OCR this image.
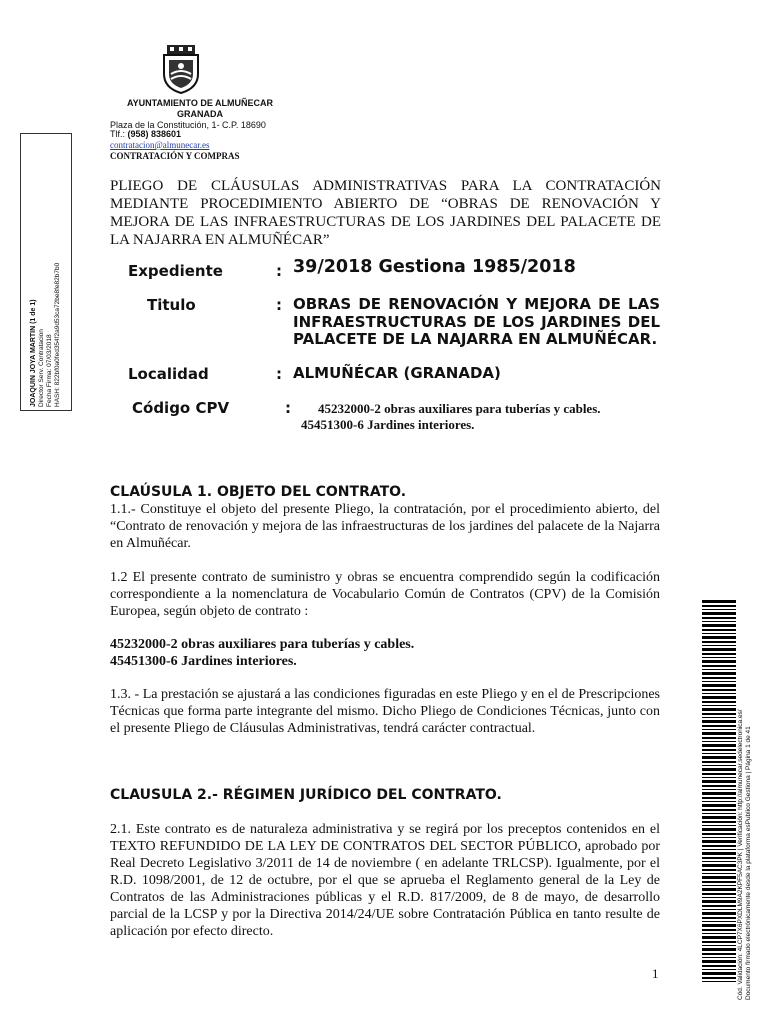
AYUNTAMIENTO DE ALMUÑECAR
GRANADA
Plaza de la Constitución, 1- C.P. 18690
Tlf.: (958) 838601
contratacion@almunecar.es
CONTRATACIÓN Y COMPRAS
JOAQUIN JOYA MARTIN (1 de 1) Director Serv. Contratacion Fecha Firma: 07/03/2018 HASH: 822bf0a0fed354f2a9d53ca72be8fe82b7b0
PLIEGO DE CLÁUSULAS ADMINISTRATIVAS PARA LA CONTRATACIÓN MEDIANTE PROCEDIMIENTO ABIERTO DE “OBRAS DE RENOVACIÓN Y MEJORA DE LAS INFRAESTRUCTURAS DE LOS JARDINES DEL PALACETE DE LA NAJARRA EN ALMUÑÉCAR”
Expediente	: 39/2018 Gestiona 1985/2018
Titulo	: OBRAS DE RENOVACIÓN Y MEJORA DE LAS INFRAESTRUCTURAS DE LOS JARDINES DEL PALACETE DE LA NAJARRA EN ALMUÑÉCAR.
Localidad	: ALMUÑÉCAR (GRANADA)
Código CPV	: 45232000-2 obras auxiliares para tuberías y cables.
45451300-6 Jardines interiores.
CLAÚSULA 1. OBJETO DEL CONTRATO.
1.1.- Constituye el objeto del presente Pliego, la contratación, por el procedimiento abierto, del “Contrato de renovación y mejora de las infraestructuras de los jardines del palacete de la Najarra en Almuñécar.
1.2 El presente contrato de suministro y obras se encuentra comprendido según la codificación correspondiente a la nomenclatura de Vocabulario Común de Contratos (CPV) de la Comisión Europea, según objeto de contrato :
45232000-2 obras auxiliares para tuberías y cables.
45451300-6 Jardines interiores.
1.3. - La prestación se ajustará a las condiciones figuradas en este Pliego y en el de Prescripciones Técnicas que forma parte integrante del mismo. Dicho Pliego de Condiciones Técnicas, junto con el presente Pliego de Cláusulas Administrativas, tendrá carácter contractual.
CLAUSULA 2.- RÉGIMEN JURÍDICO DEL CONTRATO.
2.1. Este contrato es de naturaleza administrativa y se regirá por los preceptos contenidos en el TEXTO REFUNDIDO DE LA LEY DE CONTRATOS DEL SECTOR PÚBLICO, aprobado por Real Decreto Legislativo 3/2011 de 14 de noviembre ( en adelante TRLCSP). Igualmente, por el R.D. 1098/2001, de 12 de octubre, por el que se aprueba el Reglamento general de la Ley de Contratos de las Administraciones públicas y el R.D. 817/2009, de 8 de mayo, de desarrollo parcial de la LCSP y por la Directiva 2014/24/UE sobre Contratación Pública en tanto resulte de aplicación por efecto directo.
1	Cód. Validación: 4LCP7X6PXDLM9A2KPF5AC3PK | Verificación: http://almunecar.sedelectronica.es/ Documento firmado electrónicamente desde la plataforma esPublico Gestiona | Página 1 de 41
